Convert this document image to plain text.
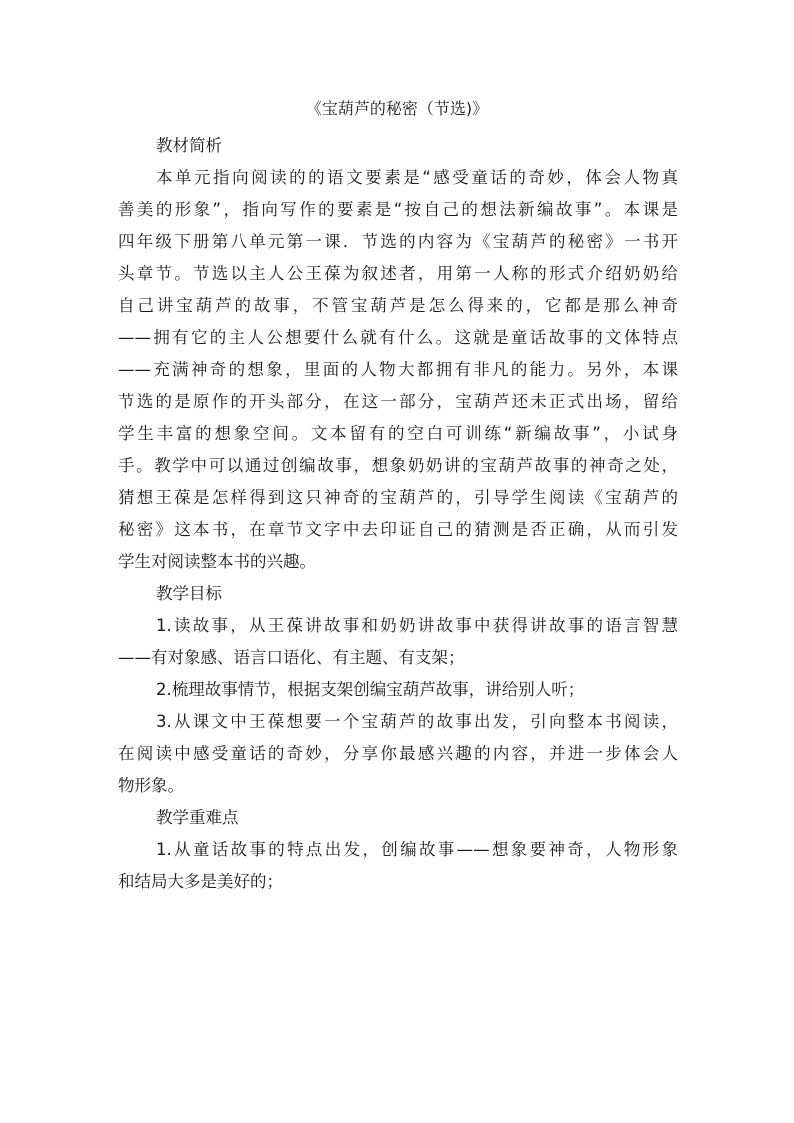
《宝葫芦的秘密（节选)》
教材简析
本单元指向阅读的的语文要素是“感受童话的奇妙，体会人物真
善美的形象”，指向写作的要素是“按自己的想法新编故事”。本课是
四年级下册第八单元第一课．节选的内容为《宝葫芦的秘密》一书开
头章节。节选以主人公王葆为叙述者，用第一人称的形式介绍奶奶给
自己讲宝葫芦的故事，不管宝葫芦是怎么得来的，它都是那么神奇
——拥有它的主人公想要什么就有什么。这就是童话故事的文体特点
——充满神奇的想象，里面的人物大都拥有非凡的能力。另外，本课
节选的是原作的开头部分，在这一部分，宝葫芦还未正式出场，留给
学生丰富的想象空间。文本留有的空白可训练“新编故事”，小试身
手。教学中可以通过创编故事，想象奶奶讲的宝葫芦故事的神奇之处，
猜想王葆是怎样得到这只神奇的宝葫芦的，引导学生阅读《宝葫芦的
秘密》这本书，在章节文字中去印证自己的猜测是否正确，从而引发
学生对阅读整本书的兴趣。
教学目标
1.读故事，从王葆讲故事和奶奶讲故事中获得讲故事的语言智慧
——有对象感、语言口语化、有主题、有支架；
2.梳理故事情节，根据支架创编宝葫芦故事，讲给别人听；
3.从课文中王葆想要一个宝葫芦的故事出发，引向整本书阅读，
在阅读中感受童话的奇妙，分享你最感兴趣的内容，并进一步体会人
物形象。
教学重难点
1.从童话故事的特点出发，创编故事——想象要神奇，人物形象
和结局大多是美好的；
